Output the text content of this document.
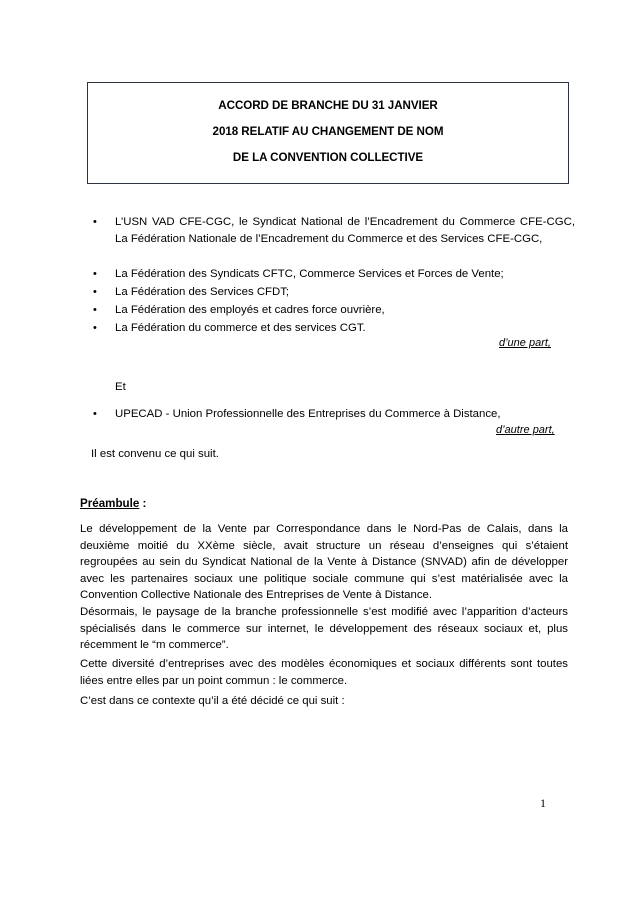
ACCORD DE BRANCHE DU 31 JANVIER
2018 RELATIF AU CHANGEMENT DE NOM
DE LA CONVENTION COLLECTIVE
• L’USN VAD CFE-CGC, le Syndicat National de l’Encadrement du Commerce CFE-CGC, La Fédération Nationale de l’Encadrement du Commerce et des Services CFE-CGC,
• La Fédération des Syndicats CFTC, Commerce Services et Forces de Vente;
• La Fédération des Services CFDT;
• La Fédération des employés et cadres force ouvrière,
• La Fédération du commerce et des services CGT.
d’une part,
Et
• UPECAD - Union Professionnelle des Entreprises du Commerce à Distance,
d’autre part,
Il est convenu ce qui suit.
Préambule :
Le développement de la Vente par Correspondance dans le Nord-Pas de Calais, dans la deuxième moitié du XXème siècle, avait structure un réseau d’enseignes qui s’étaient regroupées au sein du Syndicat National de la Vente à Distance (SNVAD) afin de développer avec les partenaires sociaux une politique sociale commune qui s’est matérialisée avec la Convention Collective Nationale des Entreprises de Vente à Distance.
Désormais, le paysage de la branche professionnelle s’est modifié avec l’apparition d’acteurs spécialisés dans le commerce sur internet, le développement des réseaux sociaux et, plus récemment le “m commerce”.
Cette diversité d’entreprises avec des modèles économiques et sociaux différents sont toutes liées entre elles par un point commun : le commerce.
C’est dans ce contexte qu’il a été décidé ce qui suit :
1
